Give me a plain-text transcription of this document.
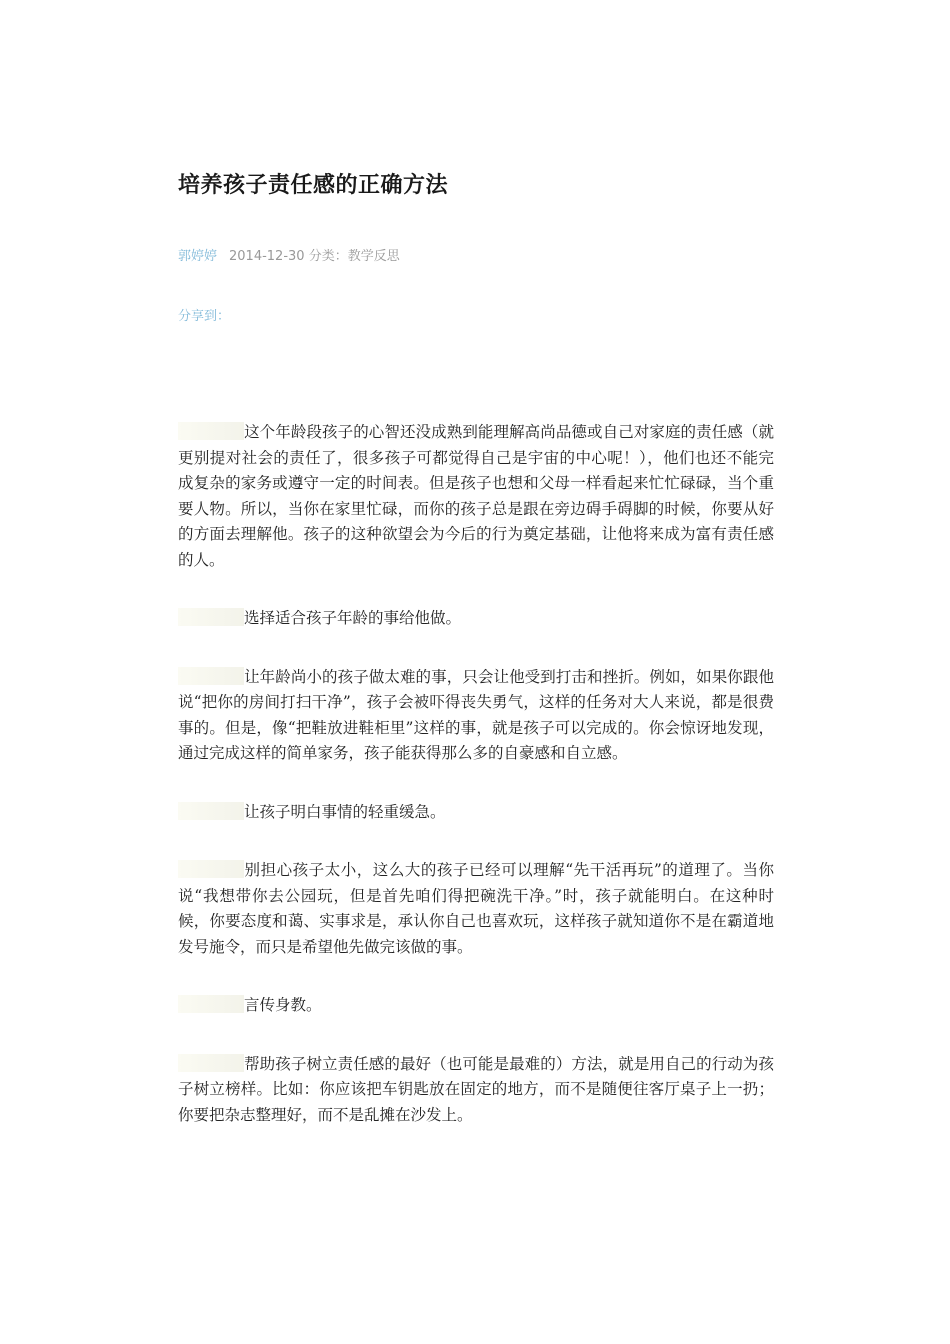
培养孩子责任感的正确方法
郭婷婷 2014-12-30 分类：教学反思
分享到：

这个年龄段孩子的心智还没成熟到能理解高尚品德或自己对家庭的责任感（就更别提对社会的责任了，很多孩子可都觉得自己是宇宙的中心呢！），他们也还不能完成复杂的家务或遵守一定的时间表。但是孩子也想和父母一样看起来忙忙碌碌，当个重要人物。所以，当你在家里忙碌，而你的孩子总是跟在旁边碍手碍脚的时候，你要从好的方面去理解他。孩子的这种欲望会为今后的行为奠定基础，让他将来成为富有责任感的人。

选择适合孩子年龄的事给他做。

让年龄尚小的孩子做太难的事，只会让他受到打击和挫折。例如，如果你跟他说“把你的房间打扫干净”，孩子会被吓得丧失勇气，这样的任务对大人来说，都是很费事的。但是，像“把鞋放进鞋柜里”这样的事，就是孩子可以完成的。你会惊讶地发现，通过完成这样的简单家务，孩子能获得那么多的自豪感和自立感。

让孩子明白事情的轻重缓急。

别担心孩子太小，这么大的孩子已经可以理解“先干活再玩”的道理了。当你说“我想带你去公园玩，但是首先咱们得把碗洗干净。”时，孩子就能明白。在这种时候，你要态度和蔼、实事求是，承认你自己也喜欢玩，这样孩子就知道你不是在霸道地发号施令，而只是希望他先做完该做的事。

言传身教。

帮助孩子树立责任感的最好（也可能是最难的）方法，就是用自己的行动为孩子树立榜样。比如：你应该把车钥匙放在固定的地方，而不是随便往客厅桌子上一扔；你要把杂志整理好，而不是乱摊在沙发上。
